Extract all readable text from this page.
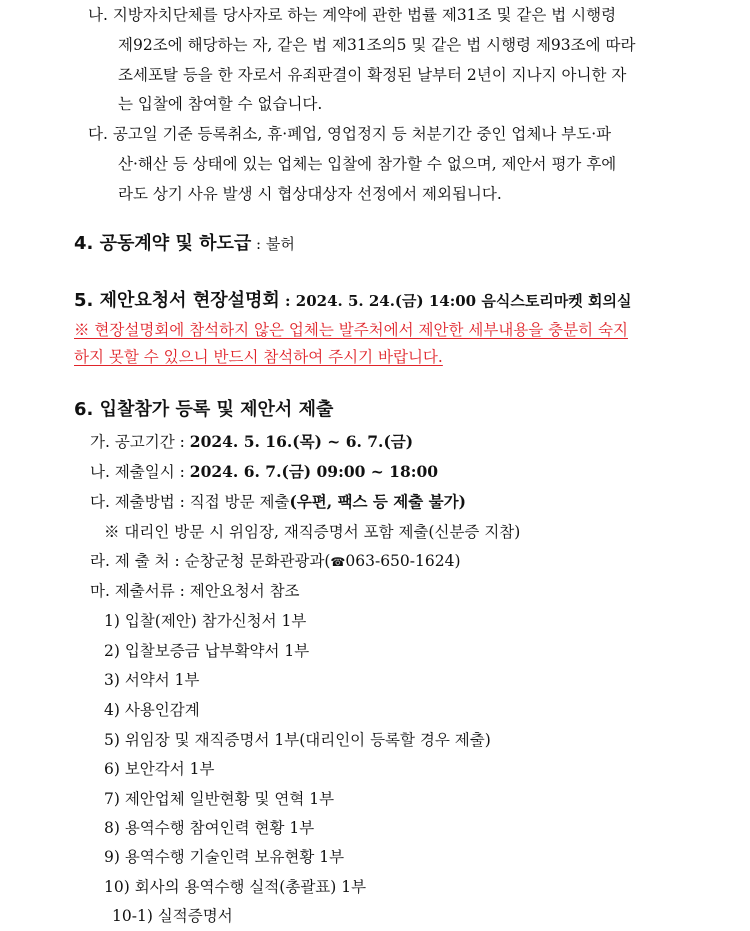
나. 지방자치단체를 당사자로 하는 계약에 관한 법률 제31조 및 같은 법 시행령
제92조에 해당하는 자, 같은 법 제31조의5 및 같은 법 시행령 제93조에 따라
조세포탈 등을 한 자로서 유죄판결이 확정된 날부터 2년이 지나지 아니한 자
는 입찰에 참여할 수 없습니다.
다. 공고일 기준 등록취소, 휴·폐업, 영업정지 등 처분기간 중인 업체나 부도·파
산·해산 등 상태에 있는 업체는 입찰에 참가할 수 없으며, 제안서 평가 후에
라도 상기 사유 발생 시 협상대상자 선정에서 제외됩니다.
4. 공동계약 및 하도급 : 불허
5. 제안요청서 현장설명회 : 2024. 5. 24.(금) 14:00 음식스토리마켓 회의실
※ 현장설명회에 참석하지 않은 업체는 발주처에서 제안한 세부내용을 충분히 숙지
하지 못할 수 있으니 반드시 참석하여 주시기 바랍니다.
6. 입찰참가 등록 및 제안서 제출
가. 공고기간 : 2024. 5. 16.(목) ~ 6. 7.(금)
나. 제출일시 : 2024. 6. 7.(금) 09:00 ~ 18:00
다. 제출방법 : 직접 방문 제출(우편, 팩스 등 제출 불가)
※ 대리인 방문 시 위임장, 재직증명서 포함 제출(신분증 지참)
라. 제 출 처 : 순창군청 문화관광과(☎063-650-1624)
마. 제출서류 : 제안요청서 참조
1) 입찰(제안) 참가신청서 1부
2) 입찰보증금 납부확약서 1부
3) 서약서 1부
4) 사용인감계
5) 위임장 및 재직증명서 1부(대리인이 등록할 경우 제출)
6) 보안각서 1부
7) 제안업체 일반현황 및 연혁 1부
8) 용역수행 참여인력 현황 1부
9) 용역수행 기술인력 보유현황 1부
10) 회사의 용역수행 실적(총괄표) 1부
10-1) 실적증명서
